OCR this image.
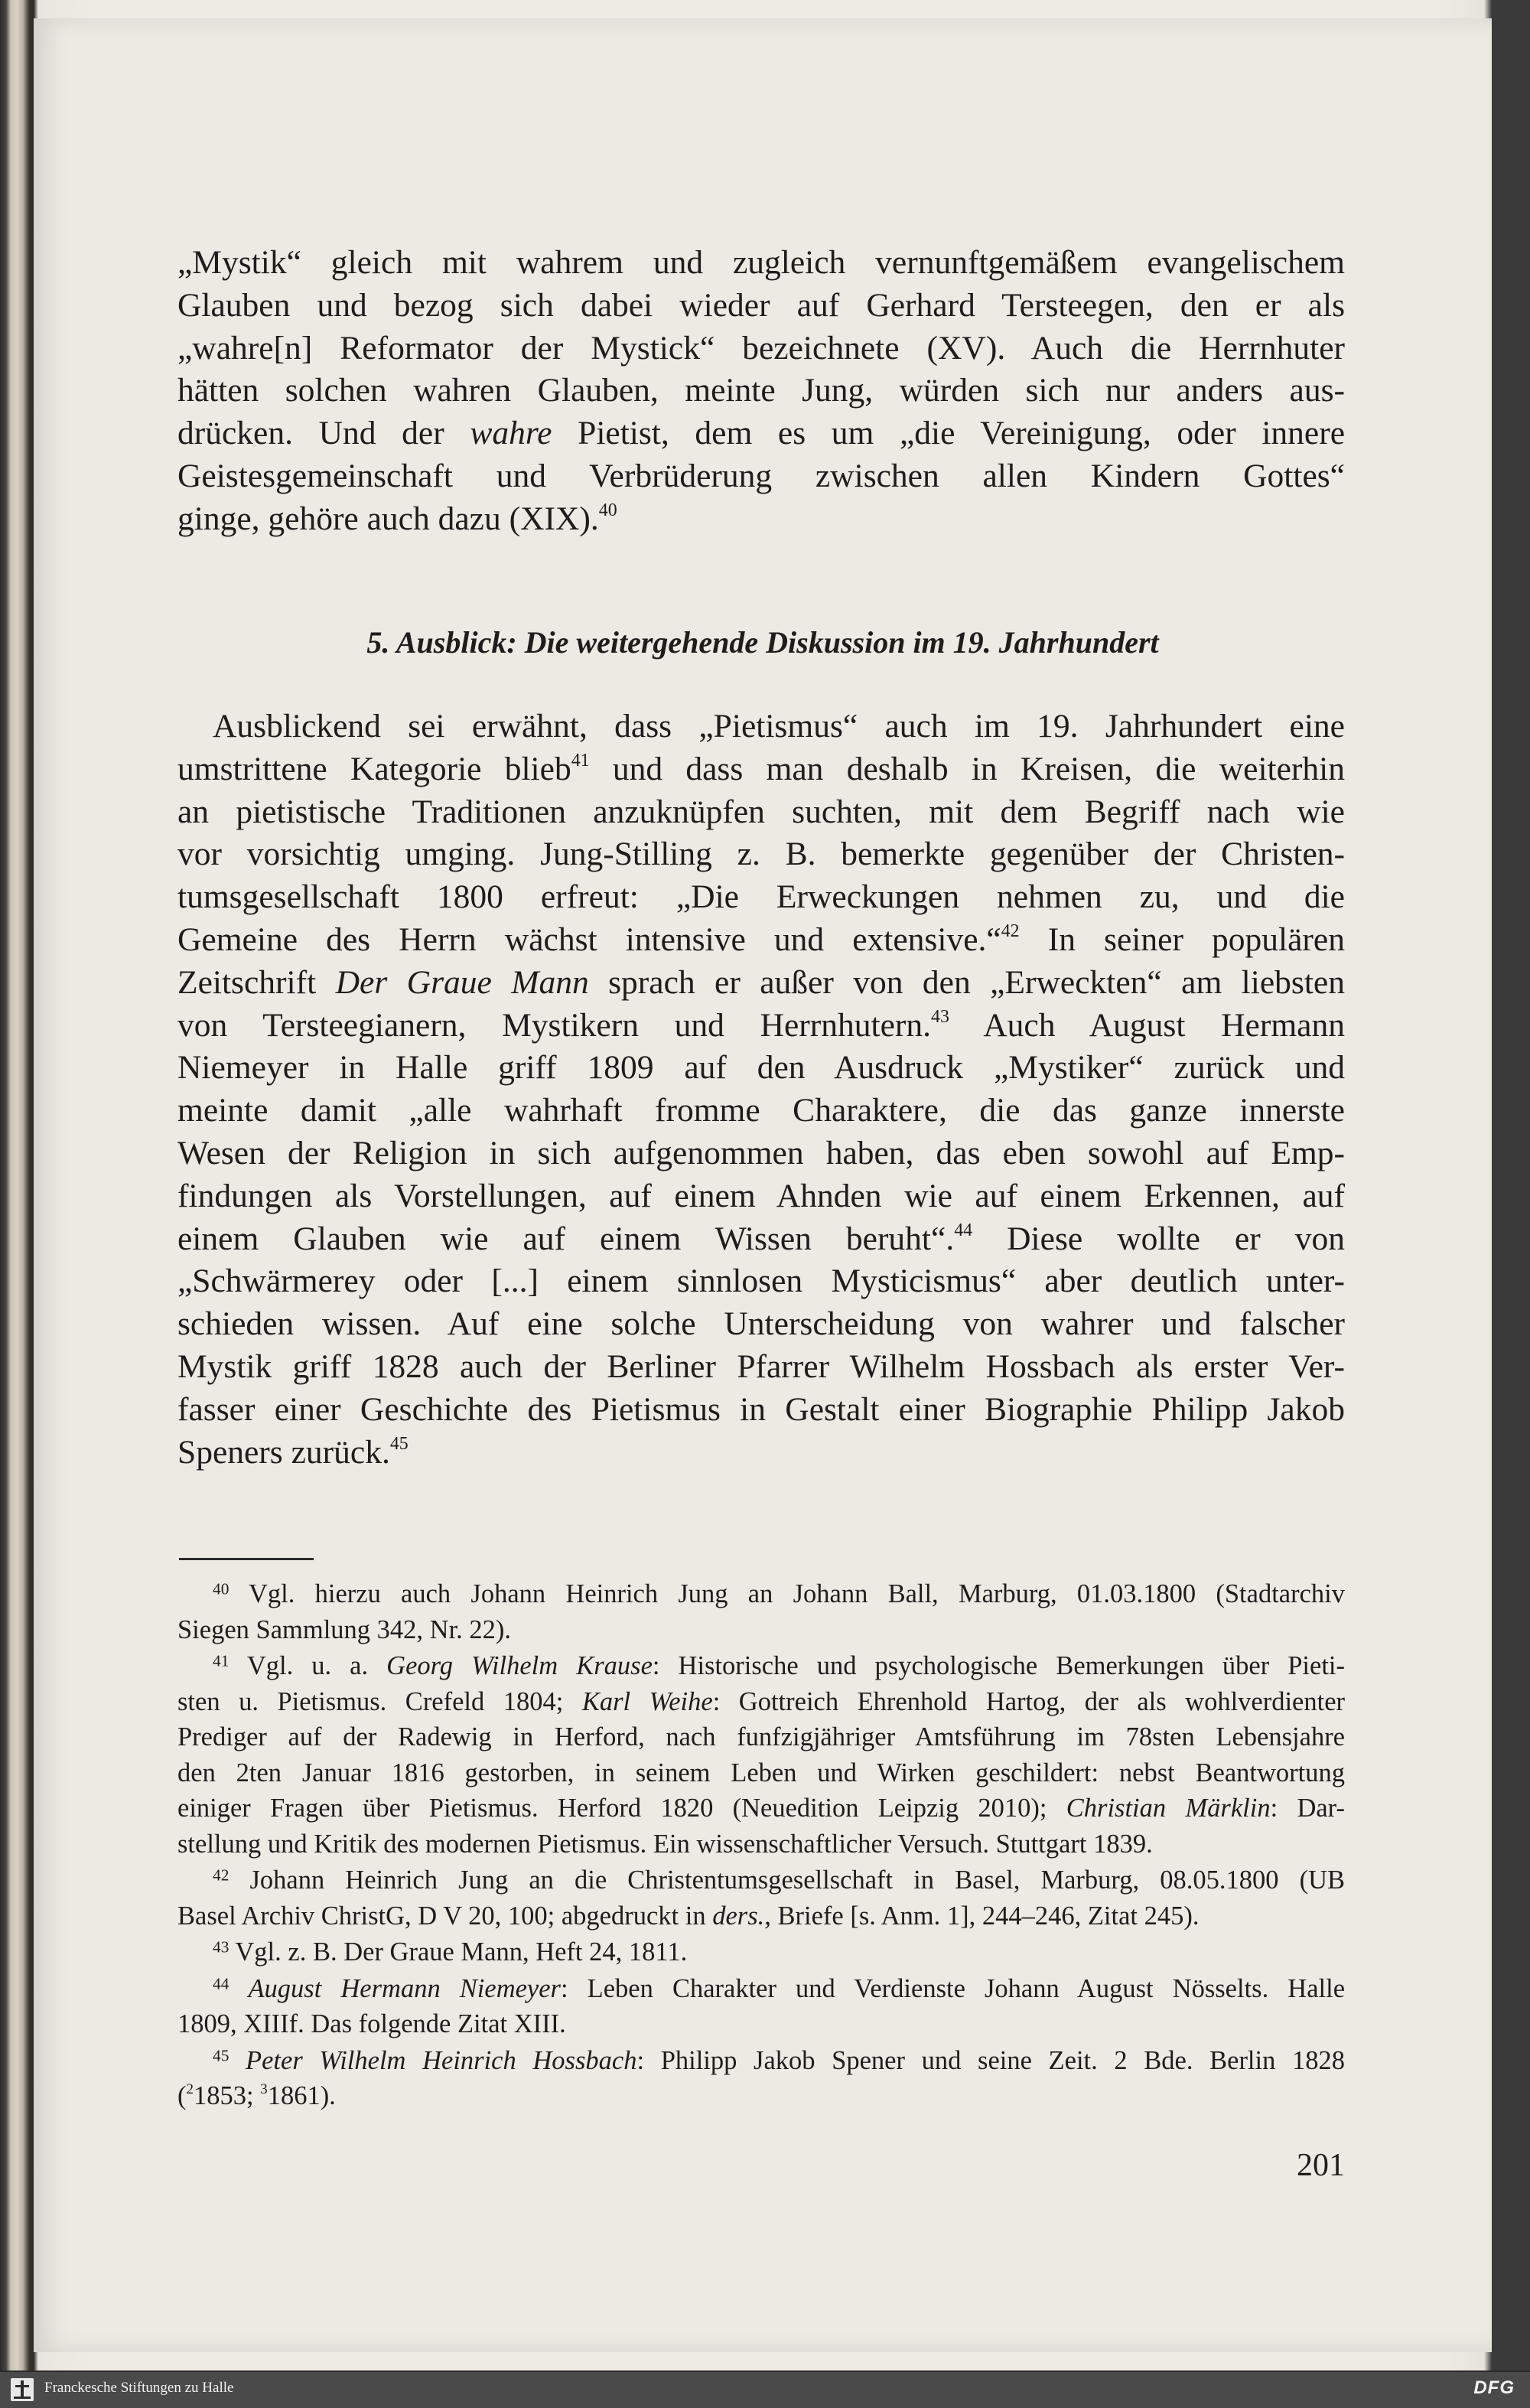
„Mystik“ gleich mit wahrem und zugleich vernunftgemäßem evangelischem
Glauben und bezog sich dabei wieder auf Gerhard Tersteegen, den er als
„wahre[n] Reformator der Mystick“ bezeichnete (XV). Auch die Herrnhuter
hätten solchen wahren Glauben, meinte Jung, würden sich nur anders aus-
drücken. Und der wahre Pietist, dem es um „die Vereinigung, oder innere
Geistesgemeinschaft und Verbrüderung zwischen allen Kindern Gottes“
ginge, gehöre auch dazu (XIX).$^{40}$

5. Ausblick: Die weitergehende Diskussion im 19. Jahrhundert

Ausblickend sei erwähnt, dass „Pietismus“ auch im 19. Jahrhundert eine
umstrittene Kategorie blieb$^{41}$ und dass man deshalb in Kreisen, die weiterhin
an pietistische Traditionen anzuknüpfen suchten, mit dem Begriff nach wie
vor vorsichtig umging. Jung-Stilling z. B. bemerkte gegenüber der Christen-
tumsgesellschaft 1800 erfreut: „Die Erweckungen nehmen zu, und die
Gemeine des Herrn wächst intensive und extensive.“$^{42}$ In seiner populären
Zeitschrift Der Graue Mann sprach er außer von den „Erweckten“ am liebsten
von Tersteegianern, Mystikern und Herrnhutern.$^{43}$ Auch August Hermann
Niemeyer in Halle griff 1809 auf den Ausdruck „Mystiker“ zurück und
meinte damit „alle wahrhaft fromme Charaktere, die das ganze innerste
Wesen der Religion in sich aufgenommen haben, das eben sowohl auf Emp-
findungen als Vorstellungen, auf einem Ahnden wie auf einem Erkennen, auf
einem Glauben wie auf einem Wissen beruht“.$^{44}$ Diese wollte er von
„Schwärmerey oder [...] einem sinnlosen Mysticismus“ aber deutlich unter-
schieden wissen. Auf eine solche Unterscheidung von wahrer und falscher
Mystik griff 1828 auch der Berliner Pfarrer Wilhelm Hossbach als erster Ver-
fasser einer Geschichte des Pietismus in Gestalt einer Biographie Philipp Jakob
Speners zurück.$^{45}$

$^{40}$ Vgl. hierzu auch Johann Heinrich Jung an Johann Ball, Marburg, 01.03.1800 (Stadtarchiv
Siegen Sammlung 342, Nr. 22).
$^{41}$ Vgl. u. a. Georg Wilhelm Krause: Historische und psychologische Bemerkungen über Pieti-
sten u. Pietismus. Crefeld 1804; Karl Weihe: Gottreich Ehrenhold Hartog, der als wohlverdienter
Prediger auf der Radewig in Herford, nach funfzigjähriger Amtsführung im 78sten Lebensjahre
den 2ten Januar 1816 gestorben, in seinem Leben und Wirken geschildert: nebst Beantwortung
einiger Fragen über Pietismus. Herford 1820 (Neuedition Leipzig 2010); Christian Märklin: Dar-
stellung und Kritik des modernen Pietismus. Ein wissenschaftlicher Versuch. Stuttgart 1839.
$^{42}$ Johann Heinrich Jung an die Christentumsgesellschaft in Basel, Marburg, 08.05.1800 (UB
Basel Archiv ChristG, D V 20, 100; abgedruckt in ders., Briefe [s. Anm. 1], 244–246, Zitat 245).
$^{43}$ Vgl. z. B. Der Graue Mann, Heft 24, 1811.
$^{44}$ August Hermann Niemeyer: Leben Charakter und Verdienste Johann August Nösselts. Halle
1809, XIIIf. Das folgende Zitat XIII.
$^{45}$ Peter Wilhelm Heinrich Hossbach: Philipp Jakob Spener und seine Zeit. 2 Bde. Berlin 1828
($^2$1853; $^3$1861).
201
Franckesche Stiftungen zu Halle	DFG
